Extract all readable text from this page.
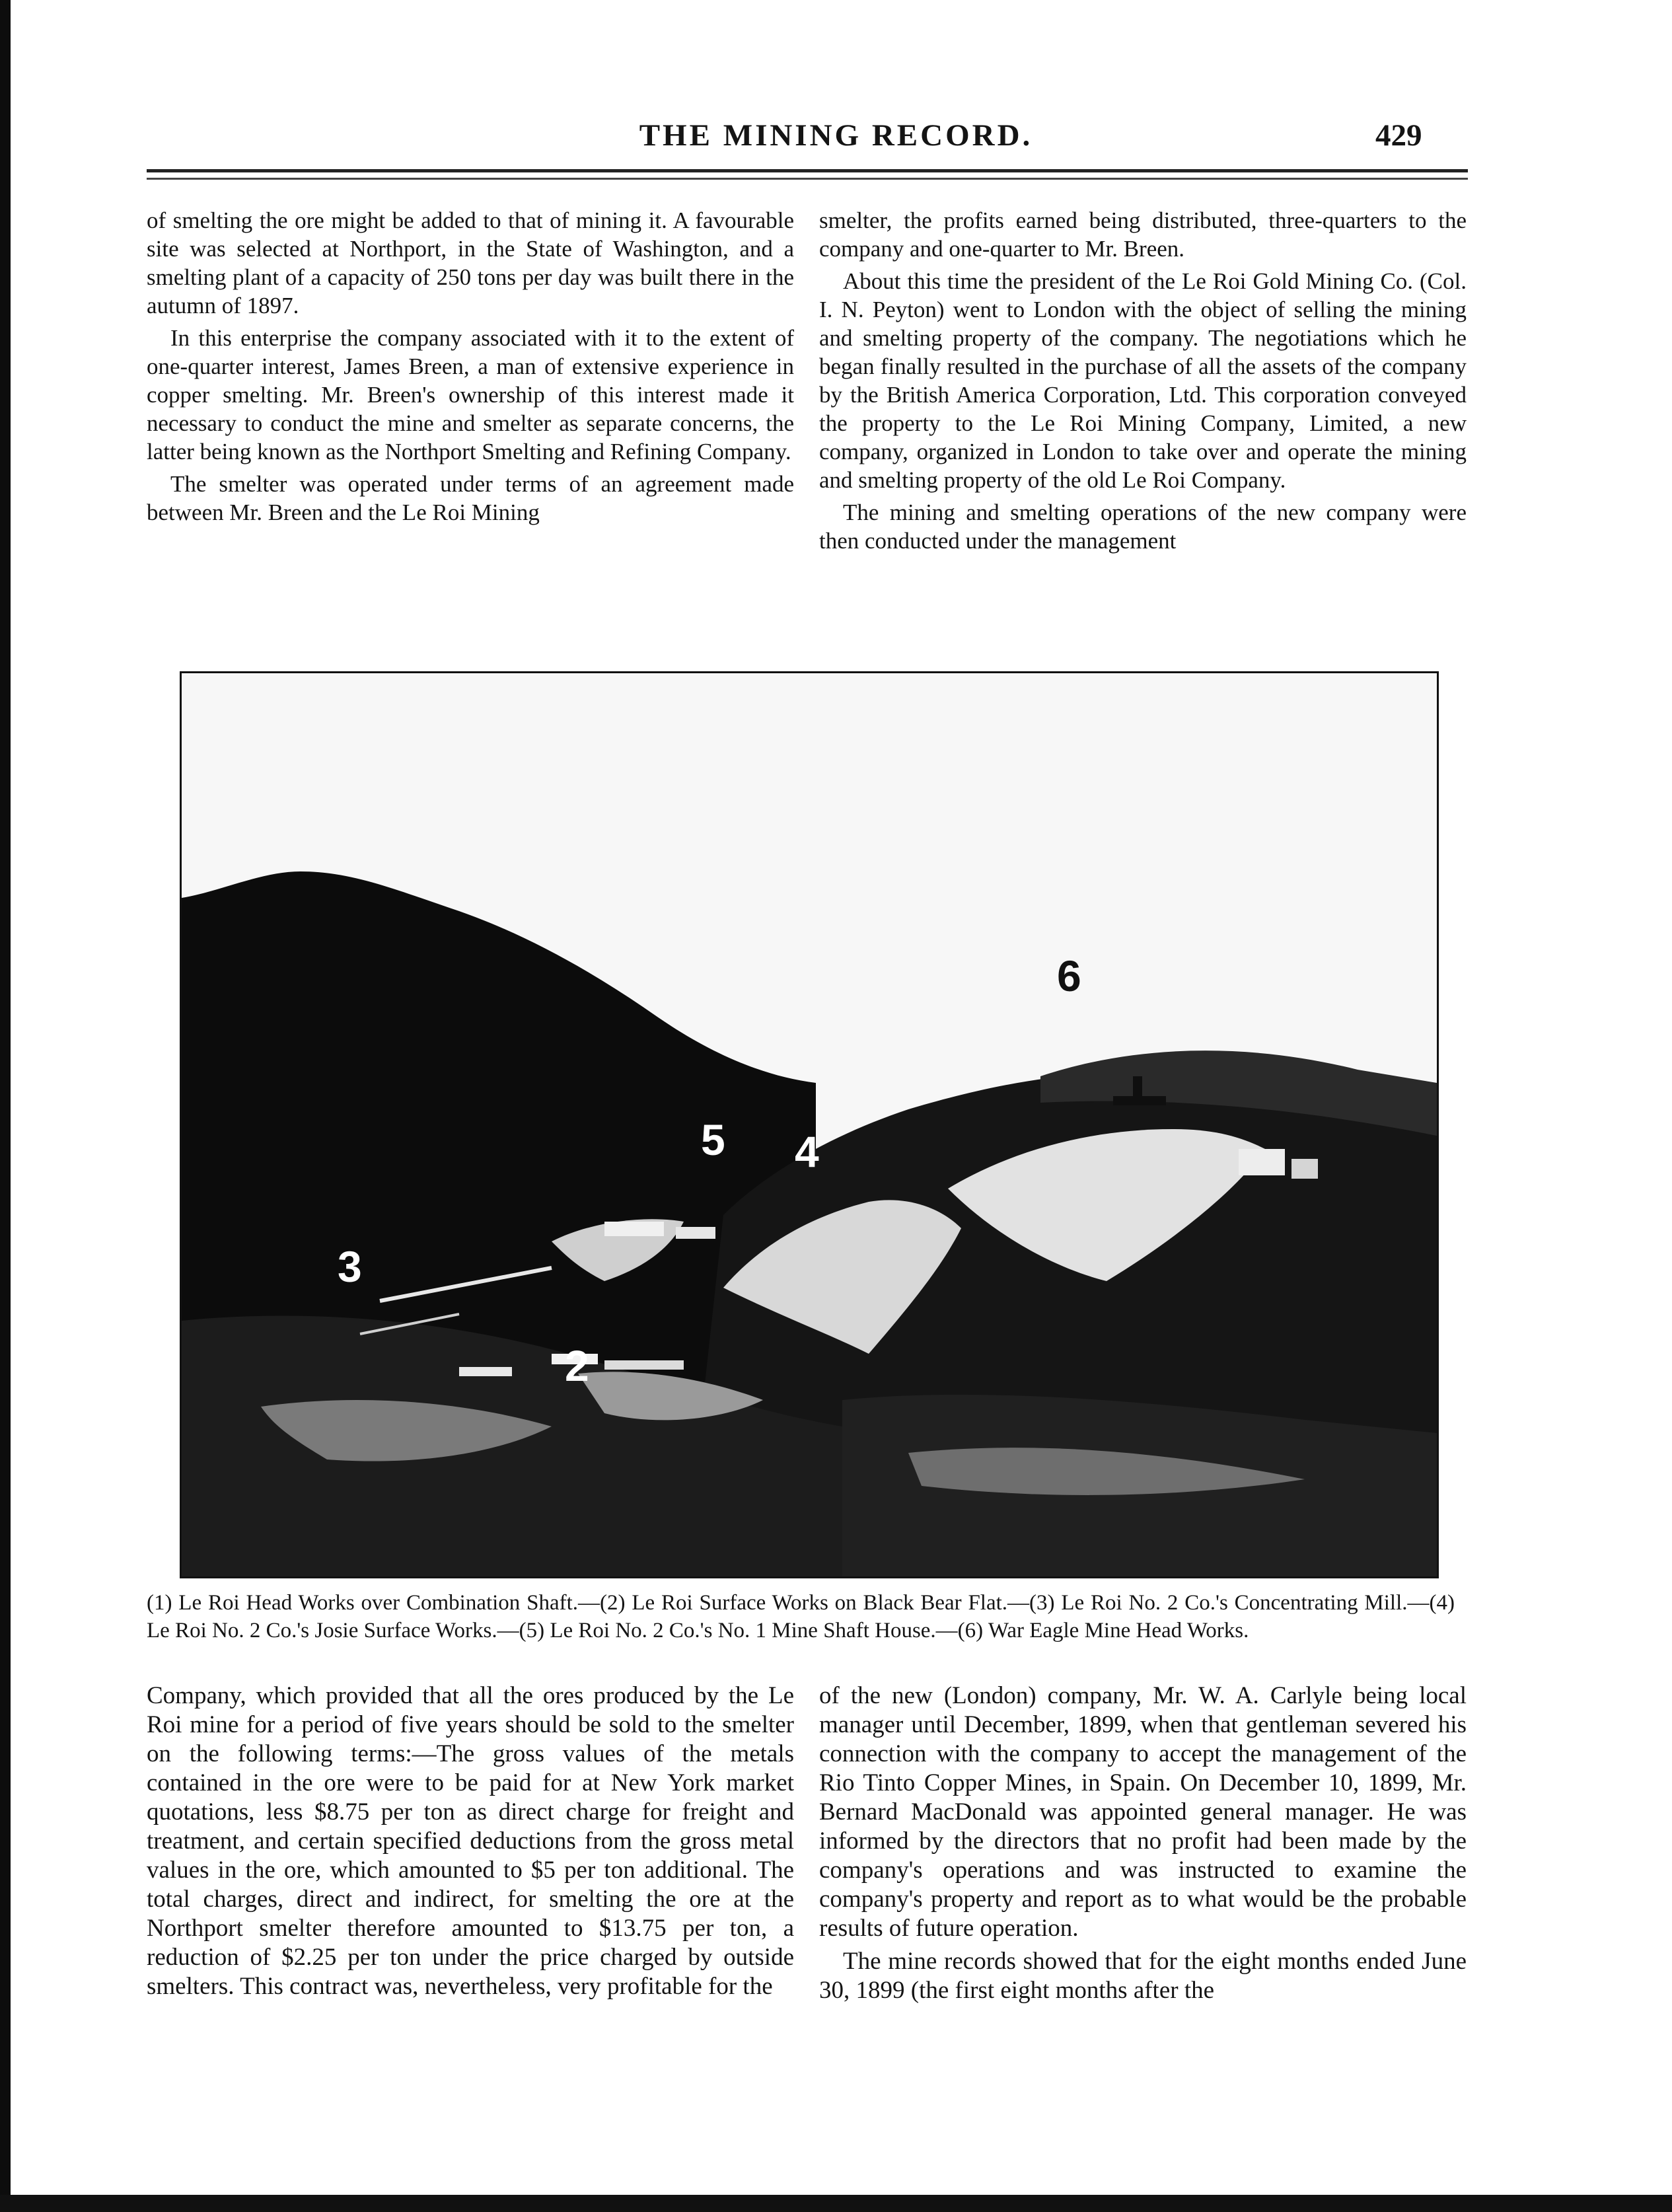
THE MINING RECORD.	429

of smelting the ore might be added to that of mining it. A favourable site was selected at Northport, in the State of Washington, and a smelting plant of a capacity of 250 tons per day was built there in the autumn of 1897.

In this enterprise the company associated with it to the extent of one-quarter interest, James Breen, a man of extensive experience in copper smelting. Mr. Breen's ownership of this interest made it necessary to conduct the mine and smelter as separate concerns, the latter being known as the Northport Smelting and Refining Company.

The smelter was operated under terms of an agreement made between Mr. Breen and the Le Roi Mining

smelter, the profits earned being distributed, three-quarters to the company and one-quarter to Mr. Breen.

About this time the president of the Le Roi Gold Mining Co. (Col. I. N. Peyton) went to London with the object of selling the mining and smelting property of the company. The negotiations which he began finally resulted in the purchase of all the assets of the company by the British America Corporation, Ltd. This corporation conveyed the property to the Le Roi Mining Company, Limited, a new company, organized in London to take over and operate the mining and smelting property of the old Le Roi Company.

The mining and smelting operations of the new company were then conducted under the management

6
5 4
3
2
(1) Le Roi Head Works over Combination Shaft.—(2) Le Roi Surface Works on Black Bear Flat.—(3) Le Roi No. 2 Co.'s Concentrating Mill.—(4) Le Roi No. 2 Co.'s Josie Surface Works.—(5) Le Roi No. 2 Co.'s No. 1 Mine Shaft House.—(6) War Eagle Mine Head Works.

Company, which provided that all the ores produced by the Le Roi mine for a period of five years should be sold to the smelter on the following terms:—The gross values of the metals contained in the ore were to be paid for at New York market quotations, less $8.75 per ton as direct charge for freight and treatment, and certain specified deductions from the gross metal values in the ore, which amounted to $5 per ton additional. The total charges, direct and indirect, for smelting the ore at the Northport smelter therefore amounted to $13.75 per ton, a reduction of $2.25 per ton under the price charged by outside smelters. This contract was, nevertheless, very profitable for the

of the new (London) company, Mr. W. A. Carlyle being local manager until December, 1899, when that gentleman severed his connection with the company to accept the management of the Rio Tinto Copper Mines, in Spain. On December 10, 1899, Mr. Bernard MacDonald was appointed general manager. He was informed by the directors that no profit had been made by the company's operations and was instructed to examine the company's property and report as to what would be the probable results of future operation.

The mine records showed that for the eight months ended June 30, 1899 (the first eight months after the
